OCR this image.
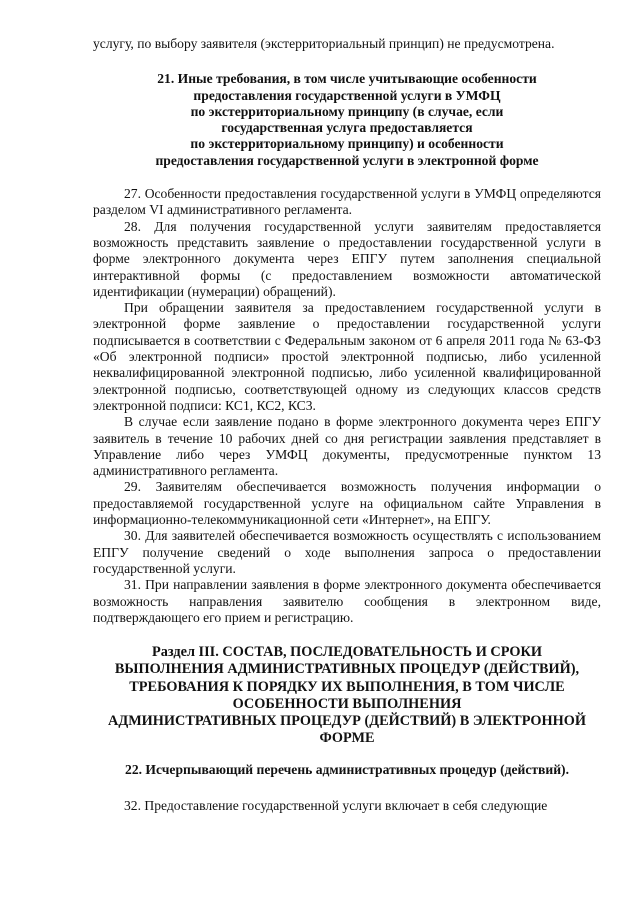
услугу, по выбору заявителя (экстерриториальный принцип) не предусмотрена.

21. Иные требования, в том числе учитывающие особенности
предоставления государственной услуги в УМФЦ
по экстерриториальному принципу (в случае, если
государственная услуга предоставляется
по экстерриториальному принципу) и особенности
предоставления государственной услуги в электронной форме

27. Особенности предоставления государственной услуги в УМФЦ определяются разделом VI административного регламента.

28. Для получения государственной услуги заявителям предоставляется возможность представить заявление о предоставлении государственной услуги в форме электронного документа через ЕПГУ путем заполнения специальной интерактивной формы (с предоставлением возможности автоматической идентификации (нумерации) обращений).

При обращении заявителя за предоставлением государственной услуги в электронной форме заявление о предоставлении государственной услуги подписывается в соответствии с Федеральным законом от 6 апреля 2011 года № 63-ФЗ «Об электронной подписи» простой электронной подписью, либо усиленной неквалифицированной электронной подписью, либо усиленной квалифицированной электронной подписью, соответствующей одному из следующих классов средств электронной подписи: КС1, КС2, КС3.

В случае если заявление подано в форме электронного документа через ЕПГУ заявитель в течение 10 рабочих дней со дня регистрации заявления представляет в Управление либо через УМФЦ документы, предусмотренные пунктом 13 административного регламента.

29. Заявителям обеспечивается возможность получения информации о предоставляемой государственной услуге на официальном сайте Управления в информационно-телекоммуникационной сети «Интернет», на ЕПГУ.

30. Для заявителей обеспечивается возможность осуществлять с использованием ЕПГУ получение сведений о ходе выполнения запроса о предоставлении государственной услуги.

31. При направлении заявления в форме электронного документа обеспечивается возможность направления заявителю сообщения в электронном виде, подтверждающего его прием и регистрацию.

Раздел III. СОСТАВ, ПОСЛЕДОВАТЕЛЬНОСТЬ И СРОКИ
ВЫПОЛНЕНИЯ АДМИНИСТРАТИВНЫХ ПРОЦЕДУР (ДЕЙСТВИЙ),
ТРЕБОВАНИЯ К ПОРЯДКУ ИХ ВЫПОЛНЕНИЯ, В ТОМ ЧИСЛЕ
ОСОБЕННОСТИ ВЫПОЛНЕНИЯ
АДМИНИСТРАТИВНЫХ ПРОЦЕДУР (ДЕЙСТВИЙ) В ЭЛЕКТРОННОЙ
ФОРМЕ

22. Исчерпывающий перечень административных процедур (действий).

32. Предоставление государственной услуги включает в себя следующие
